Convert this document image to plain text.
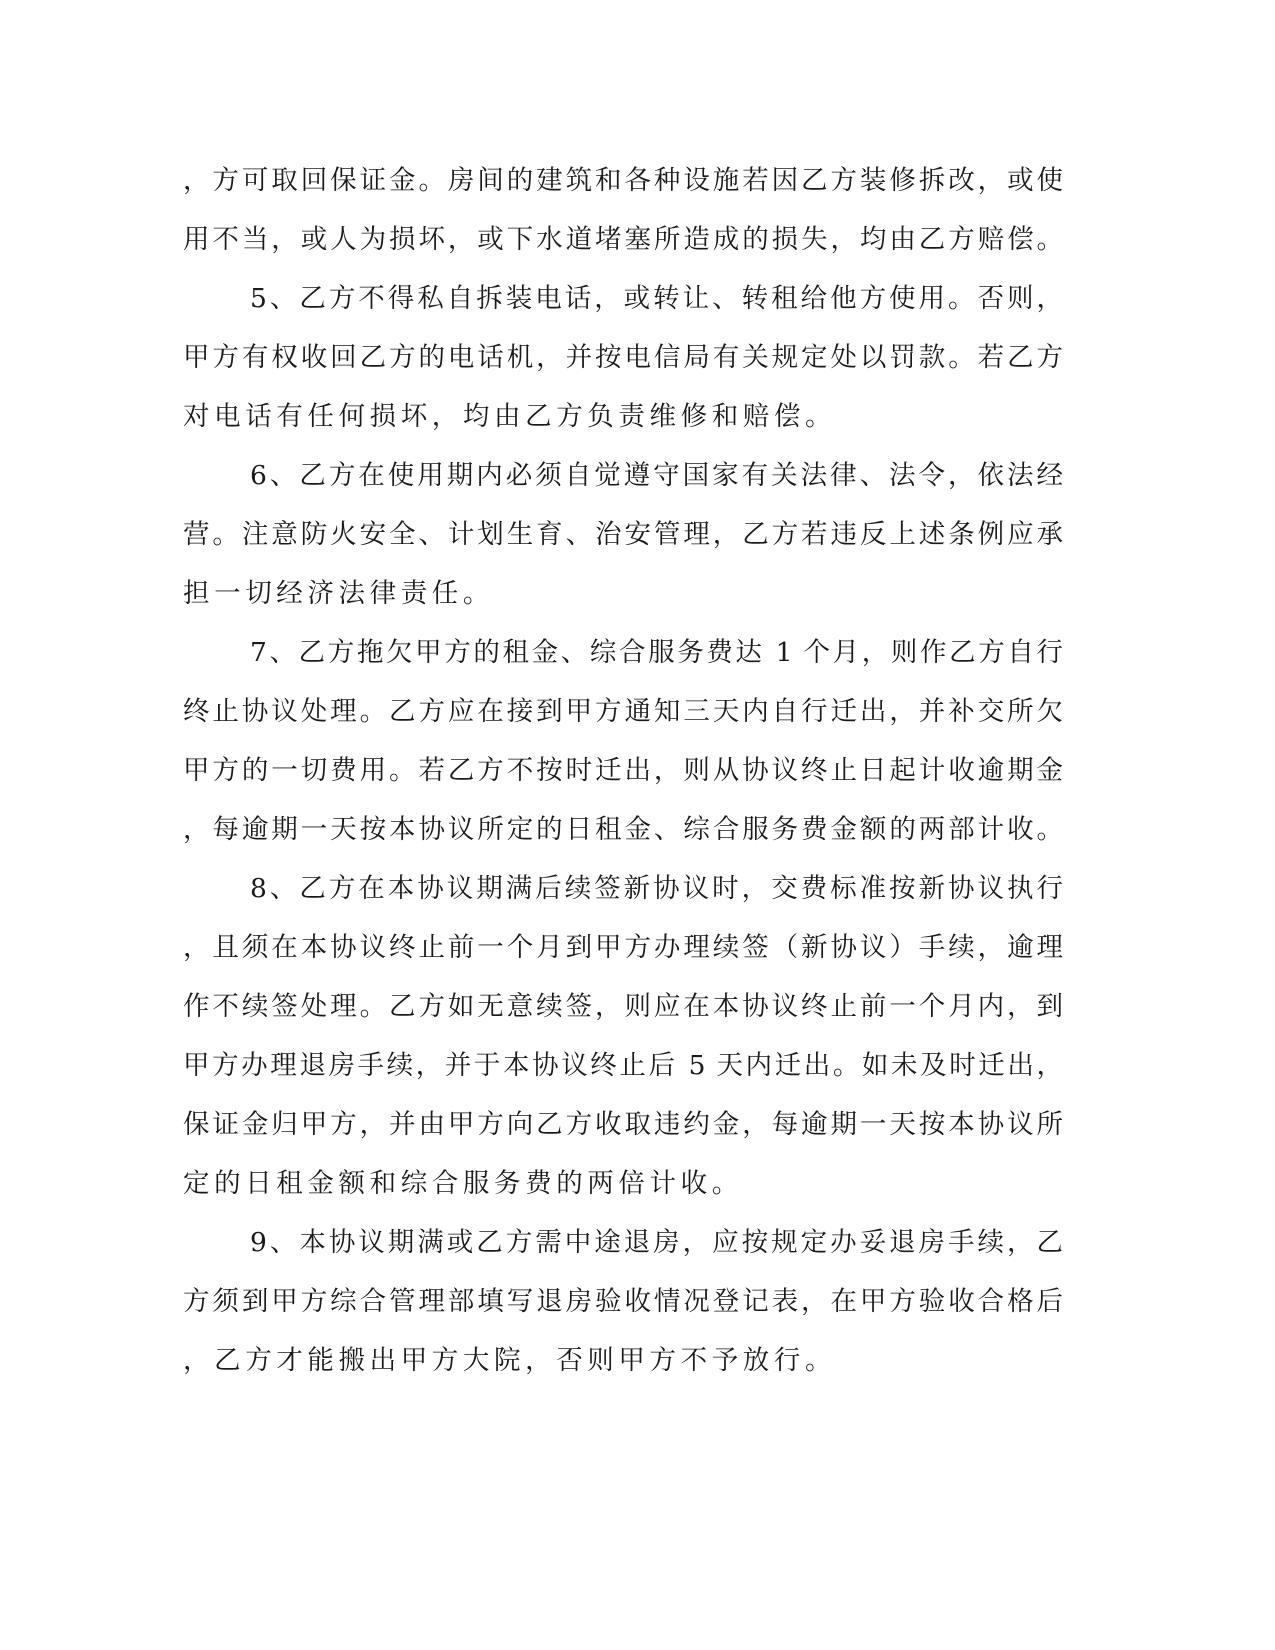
，方可取回保证金。房间的建筑和各种设施若因乙方装修拆改，或使
用不当，或人为损坏，或下水道堵塞所造成的损失，均由乙方赔偿。
5、乙方不得私自拆装电话，或转让、转租给他方使用。否则，
甲方有权收回乙方的电话机，并按电信局有关规定处以罚款。若乙方
对电话有任何损坏，均由乙方负责维修和赔偿。
6、乙方在使用期内必须自觉遵守国家有关法律、法令，依法经
营。注意防火安全、计划生育、治安管理，乙方若违反上述条例应承
担一切经济法律责任。
7、乙方拖欠甲方的租金、综合服务费达 1 个月，则作乙方自行
终止协议处理。乙方应在接到甲方通知三天内自行迁出，并补交所欠
甲方的一切费用。若乙方不按时迁出，则从协议终止日起计收逾期金
，每逾期一天按本协议所定的日租金、综合服务费金额的两部计收。
8、乙方在本协议期满后续签新协议时，交费标准按新协议执行
，且须在本协议终止前一个月到甲方办理续签（新协议）手续，逾理
作不续签处理。乙方如无意续签，则应在本协议终止前一个月内，到
甲方办理退房手续，并于本协议终止后 5 天内迁出。如未及时迁出，
保证金归甲方，并由甲方向乙方收取违约金，每逾期一天按本协议所
定的日租金额和综合服务费的两倍计收。
9、本协议期满或乙方需中途退房，应按规定办妥退房手续，乙
方须到甲方综合管理部填写退房验收情况登记表，在甲方验收合格后
，乙方才能搬出甲方大院，否则甲方不予放行。
